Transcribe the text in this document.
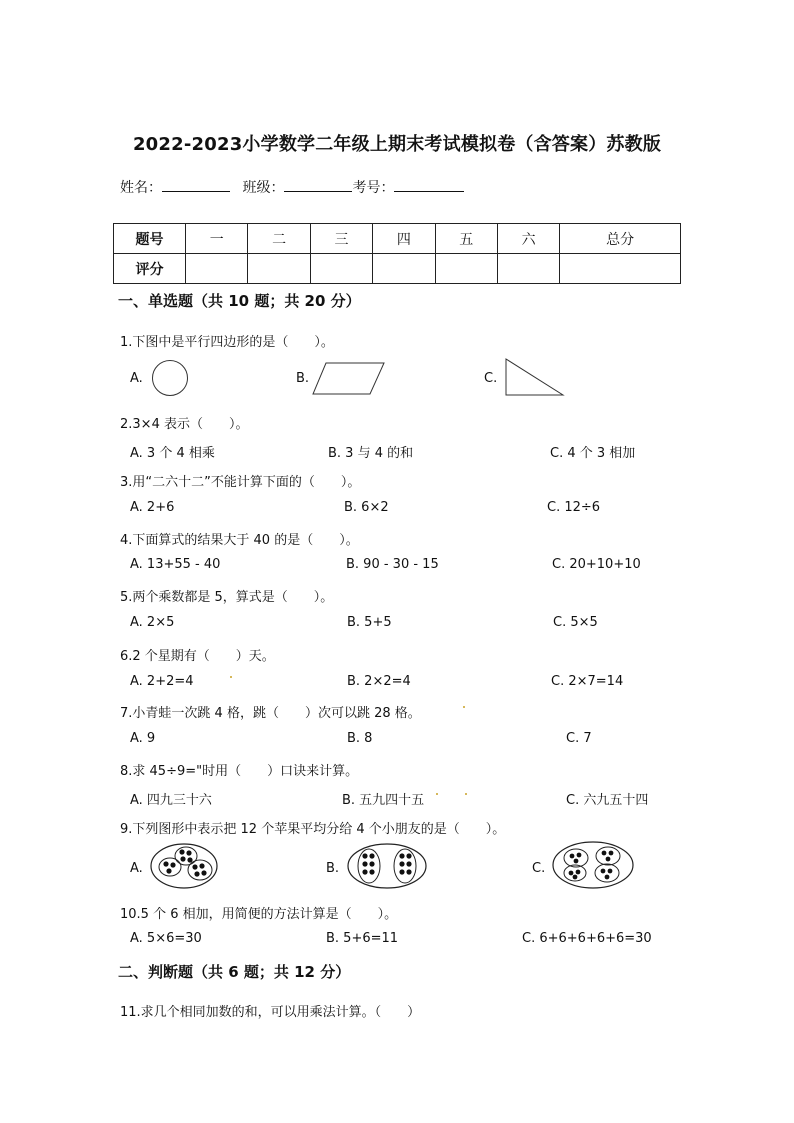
2022-2023小学数学二年级上期末考试模拟卷（含答案）苏教版
姓名：	班级：	考号：
题号	一	二	三	四	五	六	总分
评分							
一、单选题（共 10 题；共 20 分）
1.下图中是平行四边形的是（　　）。
A.	B.	C.
2.3×4 表示（　　）。
A. 3 个 4 相乘	B. 3 与 4 的和	C. 4 个 3 相加
3.用“二六十二”不能计算下面的（　　）。
A. 2+6	B. 6×2	C. 12÷6
4.下面算式的结果大于 40 的是（　　）。
A. 13+55 - 40	B. 90 - 30 - 15	C. 20+10+10
5.两个乘数都是 5，算式是（　　）。
A. 2×5	B. 5+5	C. 5×5
6.2 个星期有（　　）天。
A. 2+2=4	B. 2×2=4	C. 2×7=14
7.小青蛙一次跳 4 格，跳（　　）次可以跳 28 格。
A. 9	B. 8	C. 7
8.求 45÷9="时用（　　）口诀来计算。
A. 四九三十六	B. 五九四十五	C. 六九五十四
9.下列图形中表示把 12 个苹果平均分给 4 个小朋友的是（　　）。
A.	B.	C.
10.5 个 6 相加，用简便的方法计算是（　　）。
A. 5×6=30	B. 5+6=11	C. 6+6+6+6+6=30
二、判断题（共 6 题；共 12 分）
11.求几个相同加数的和，可以用乘法计算。（　　）
